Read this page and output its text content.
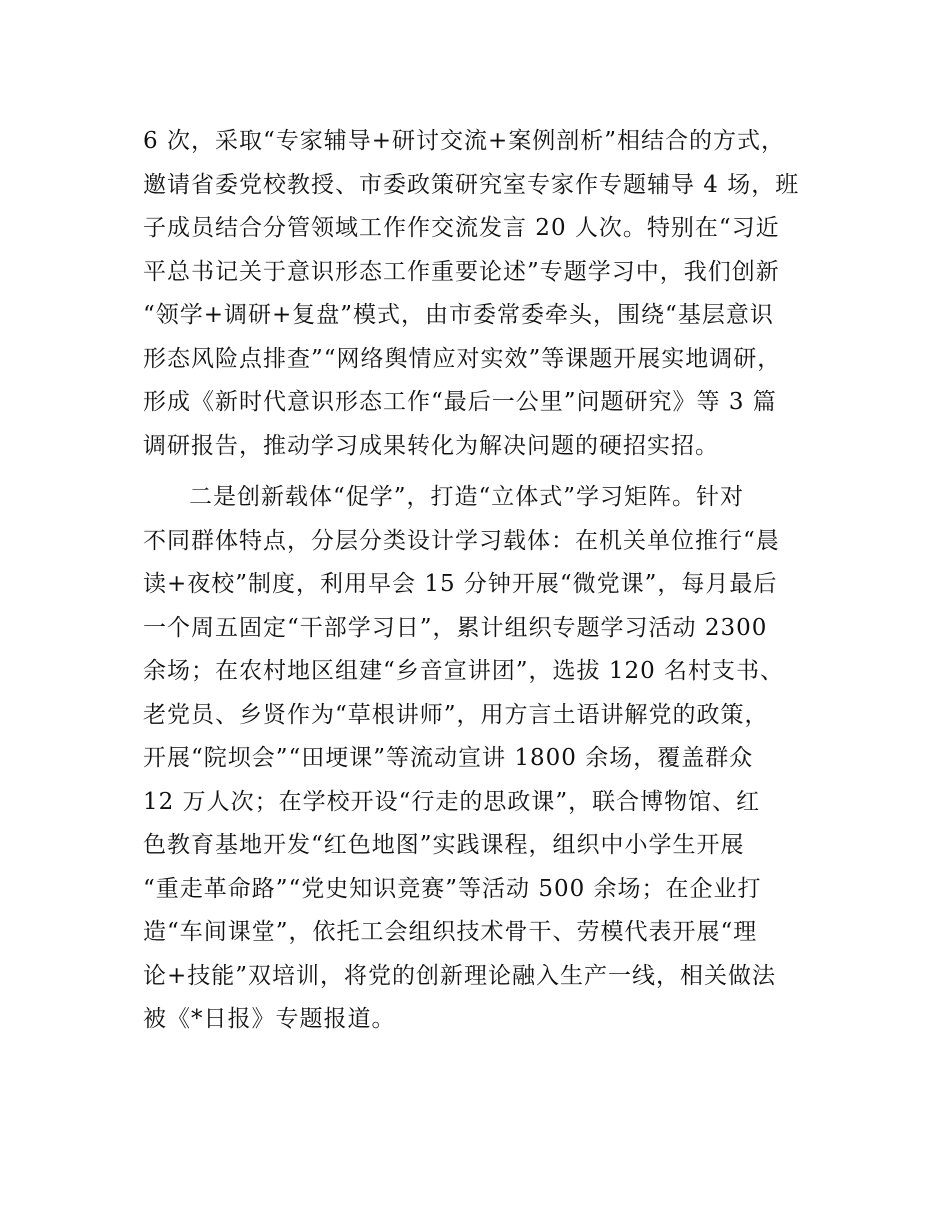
6 次，采取“专家辅导+研讨交流+案例剖析”相结合的方式，
邀请省委党校教授、市委政策研究室专家作专题辅导 4 场，班
子成员结合分管领域工作作交流发言 20 人次。特别在“习近
平总书记关于意识形态工作重要论述”专题学习中，我们创新
“领学+调研+复盘”模式，由市委常委牵头，围绕“基层意识
形态风险点排查”“网络舆情应对实效”等课题开展实地调研，
形成《新时代意识形态工作“最后一公里”问题研究》等 3 篇
调研报告，推动学习成果转化为解决问题的硬招实招。
二是创新载体“促学”，打造“立体式”学习矩阵。针对
不同群体特点，分层分类设计学习载体：在机关单位推行“晨
读+夜校”制度，利用早会 15 分钟开展“微党课”，每月最后
一个周五固定“干部学习日”，累计组织专题学习活动 2300
余场；在农村地区组建“乡音宣讲团”，选拔 120 名村支书、
老党员、乡贤作为“草根讲师”，用方言土语讲解党的政策，
开展“院坝会”“田埂课”等流动宣讲 1800 余场，覆盖群众
12 万人次；在学校开设“行走的思政课”，联合博物馆、红
色教育基地开发“红色地图”实践课程，组织中小学生开展
“重走革命路”“党史知识竞赛”等活动 500 余场；在企业打
造“车间课堂”，依托工会组织技术骨干、劳模代表开展“理
论+技能”双培训，将党的创新理论融入生产一线，相关做法
被《*日报》专题报道。
